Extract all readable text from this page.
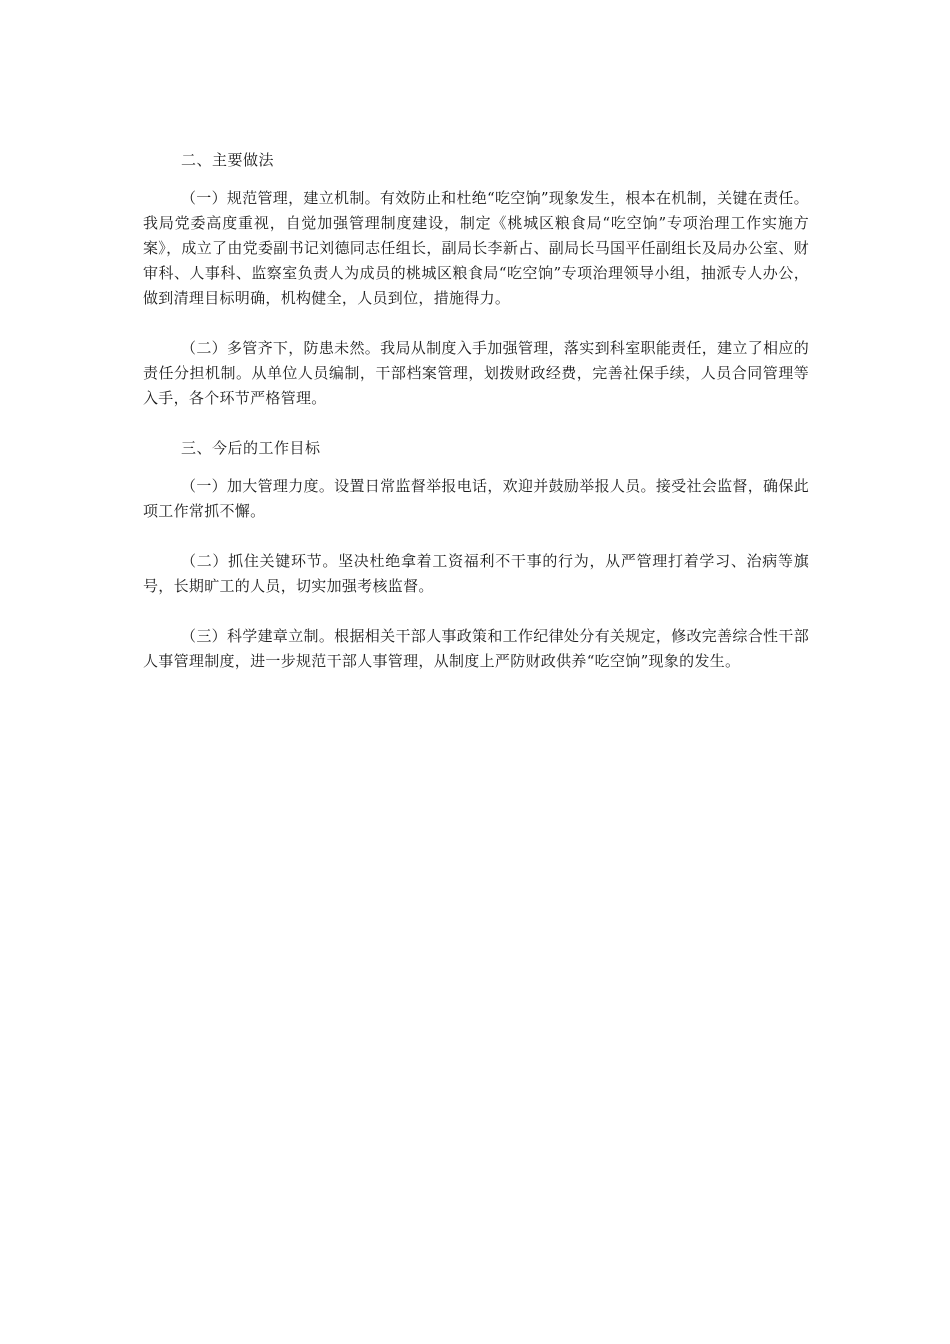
二、主要做法

（一）规范管理，建立机制。有效防止和杜绝“吃空饷”现象发生，根本在机制，关键在责任。我局党委高度重视，自觉加强管理制度建设，制定《桃城区粮食局“吃空饷”专项治理工作实施方案》，成立了由党委副书记刘德同志任组长，副局长李新占、副局长马国平任副组长及局办公室、财审科、人事科、监察室负责人为成员的桃城区粮食局“吃空饷”专项治理领导小组，抽派专人办公，做到清理目标明确，机构健全，人员到位，措施得力。

（二）多管齐下，防患未然。我局从制度入手加强管理，落实到科室职能责任，建立了相应的责任分担机制。从单位人员编制，干部档案管理，划拨财政经费，完善社保手续，人员合同管理等入手，各个环节严格管理。

三、今后的工作目标

（一）加大管理力度。设置日常监督举报电话，欢迎并鼓励举报人员。接受社会监督，确保此项工作常抓不懈。

（二）抓住关键环节。坚决杜绝拿着工资福利不干事的行为，从严管理打着学习、治病等旗号，长期旷工的人员，切实加强考核监督。

（三）科学建章立制。根据相关干部人事政策和工作纪律处分有关规定，修改完善综合性干部人事管理制度，进一步规范干部人事管理，从制度上严防财政供养“吃空饷”现象的发生。
